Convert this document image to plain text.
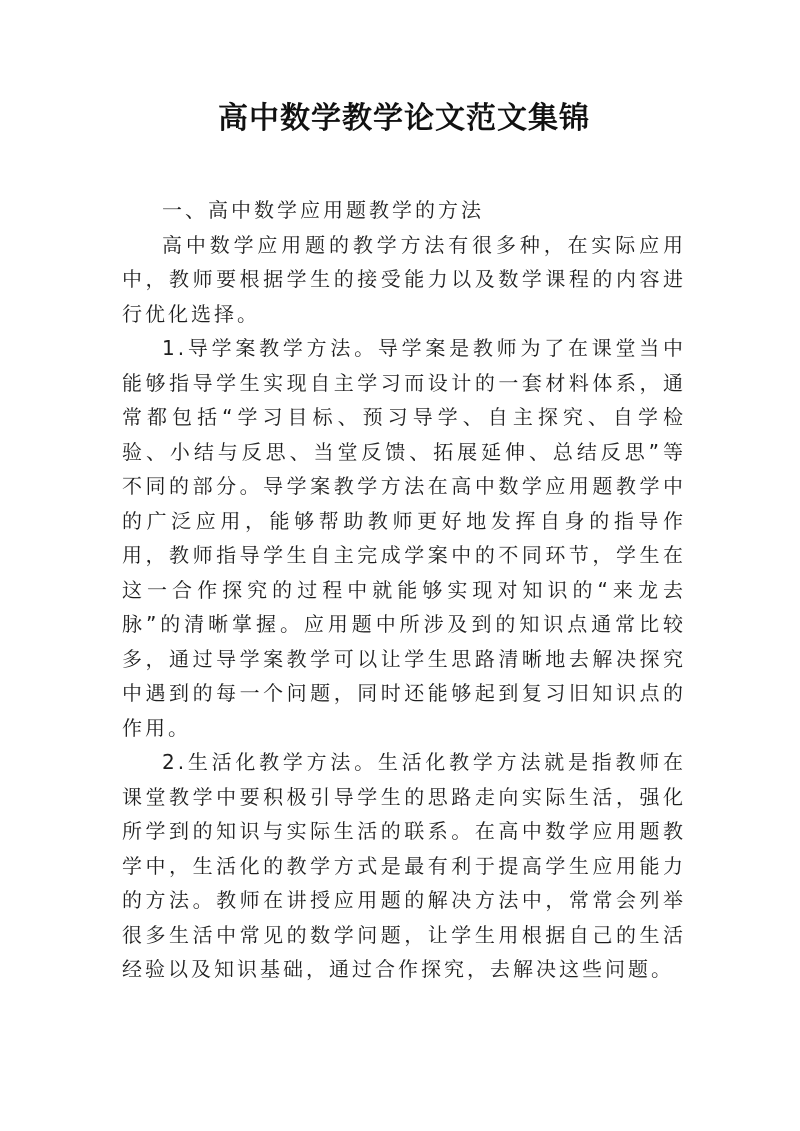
高中数学教学论文范文集锦

一、高中数学应用题教学的方法

高中数学应用题的教学方法有很多种，在实际应用中，教师要根据学生的接受能力以及数学课程的内容进行优化选择。

1.导学案教学方法。导学案是教师为了在课堂当中能够指导学生实现自主学习而设计的一套材料体系，通常都包括“学习目标、预习导学、自主探究、自学检验、小结与反思、当堂反馈、拓展延伸、总结反思”等不同的部分。导学案教学方法在高中数学应用题教学中的广泛应用，能够帮助教师更好地发挥自身的指导作用，教师指导学生自主完成学案中的不同环节，学生在这一合作探究的过程中就能够实现对知识的“来龙去脉”的清晰掌握。应用题中所涉及到的知识点通常比较多，通过导学案教学可以让学生思路清晰地去解决探究中遇到的每一个问题，同时还能够起到复习旧知识点的作用。

2.生活化教学方法。生活化教学方法就是指教师在课堂教学中要积极引导学生的思路走向实际生活，强化所学到的知识与实际生活的联系。在高中数学应用题教学中，生活化的教学方式是最有利于提高学生应用能力的方法。教师在讲授应用题的解决方法中，常常会列举很多生活中常见的数学问题，让学生用根据自己的生活经验以及知识基础，通过合作探究，去解决这些问题。
